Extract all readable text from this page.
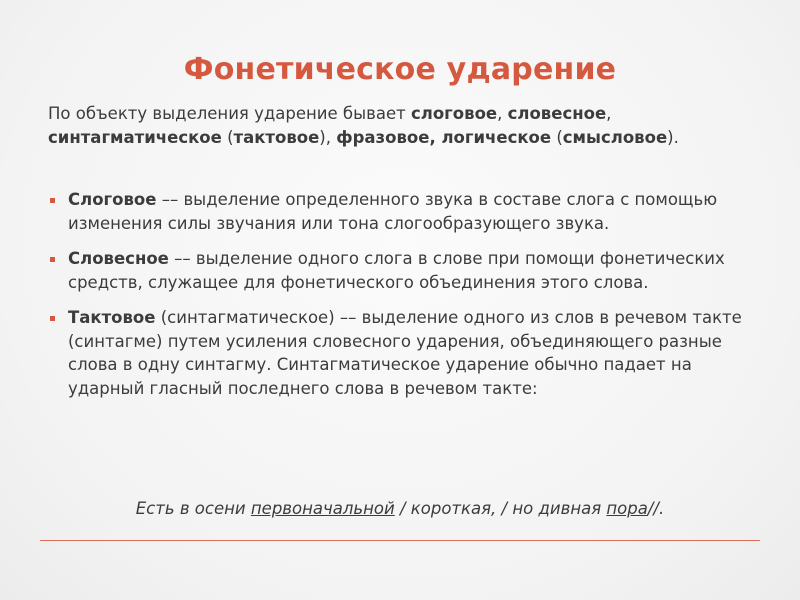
Фонетическое ударение
По объекту выделения ударение бывает слоговое, словесное, синтагматическое (тактовое), фразовое, логическое (смысловое).
Слоговое –– выделение определенного звука в составе слога с помощью изменения силы звучания или тона слогообразующего звука.
Словесное –– выделение одного слога в слове при помощи фонетических средств, служащее для фонетического объединения этого слова.
Тактовое (синтагматическое) –– выделение одного из слов в речевом такте (синтагме) путем усиления словесного ударения, объединяющего разные слова в одну синтагму. Синтагматическое ударение обычно падает на ударный гласный последнего слова в речевом такте:
Есть в осени первоначальной / короткая, / но дивная пора//.
